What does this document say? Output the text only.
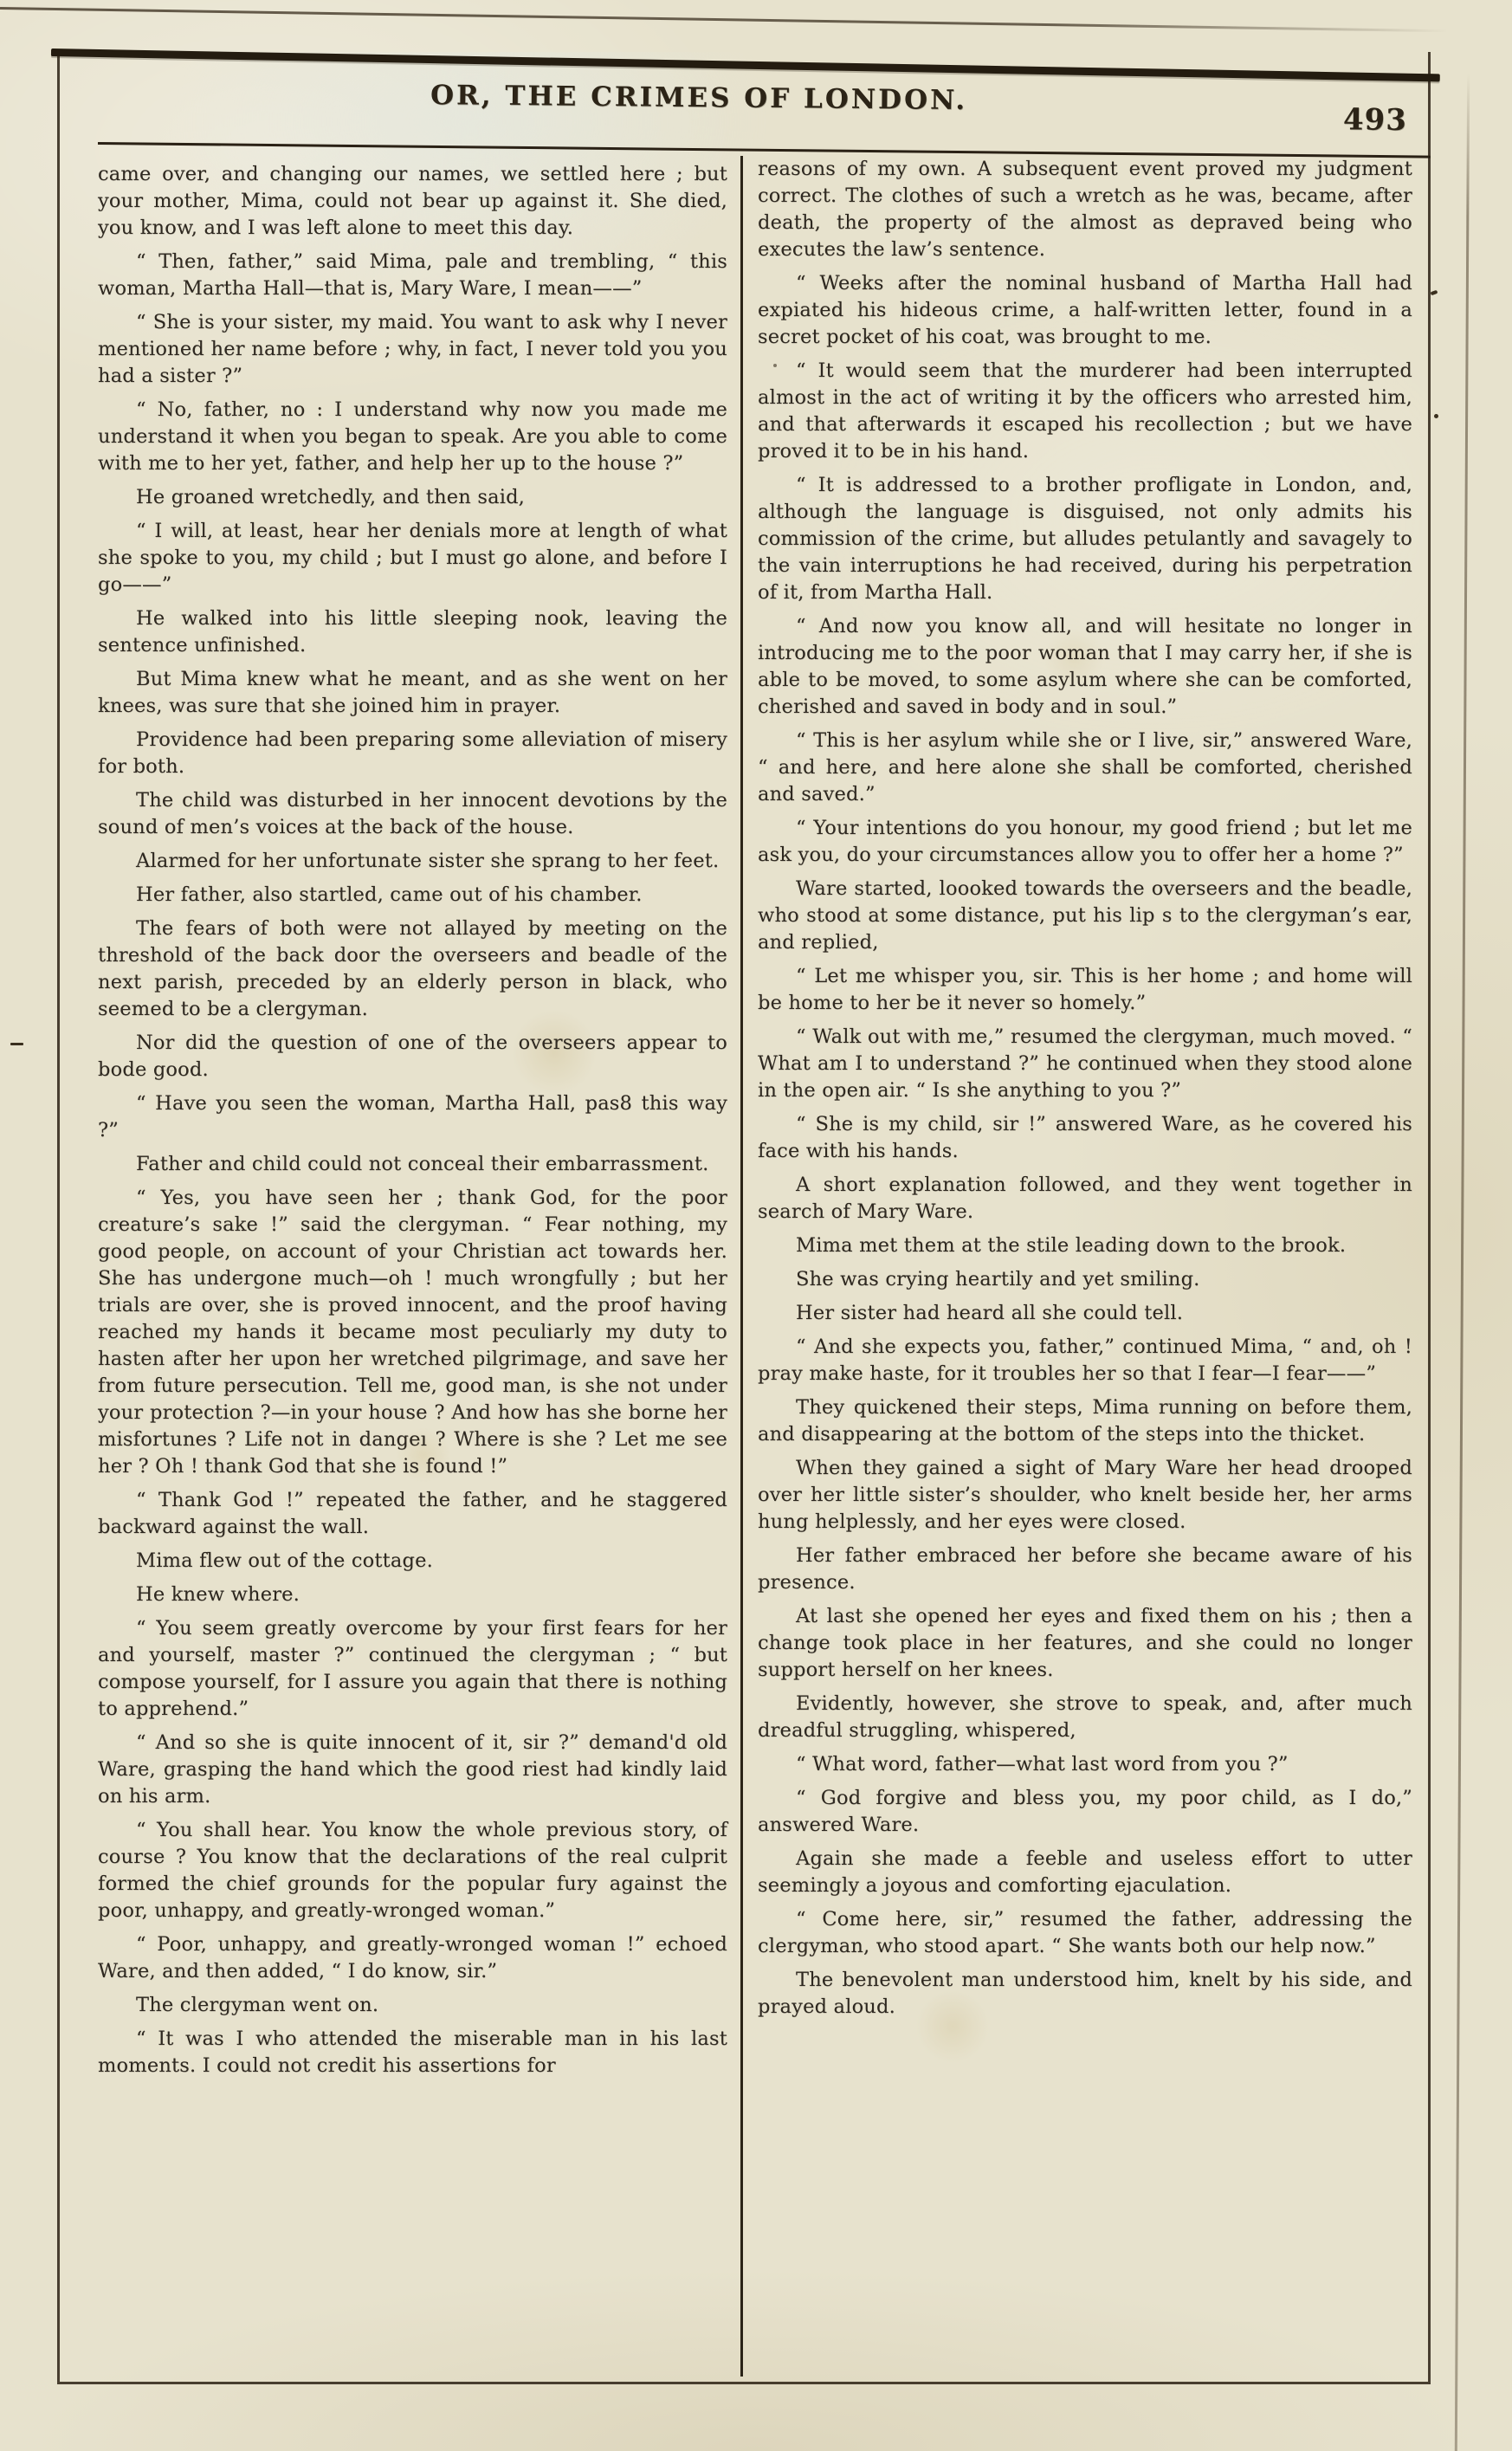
OR, THE CRIMES OF LONDON.
493

came over, and changing our names, we settled here ; but your mother, Mima, could not bear up against it. She died, you know, and I was left alone to meet this day.

“ Then, father,” said Mima, pale and trembling, “ this woman, Martha Hall—that is, Mary Ware, I mean——”

“ She is your sister, my maid. You want to ask why I never mentioned her name before ; why, in fact, I never told you you had a sister ?”

“ No, father, no : I understand why now you made me understand it when you began to speak. Are you able to come with me to her yet, father, and help her up to the house ?”

He groaned wretchedly, and then said,

“ I will, at least, hear her denials more at length of what she spoke to you, my child ; but I must go alone, and before I go——”

He walked into his little sleeping nook, leaving the sentence unfinished.

But Mima knew what he meant, and as she went on her knees, was sure that she joined him in prayer.

Providence had been preparing some alleviation of misery for both.

The child was disturbed in her innocent devotions by the sound of men’s voices at the back of the house.

Alarmed for her unfortunate sister she sprang to her feet.

Her father, also startled, came out of his chamber.

The fears of both were not allayed by meeting on the threshold of the back door the overseers and beadle of the next parish, preceded by an elderly person in black, who seemed to be a clergyman.

Nor did the question of one of the overseers appear to bode good.

“ Have you seen the woman, Martha Hall, pas8 this way ?”

Father and child could not conceal their embarrassment.

“ Yes, you have seen her ; thank God, for the poor creature’s sake !” said the clergyman. “ Fear nothing, my good people, on account of your Christian act towards her. She has undergone much—oh ! much wrongfully ; but her trials are over, she is proved innocent, and the proof having reached my hands it became most peculiarly my duty to hasten after her upon her wretched pilgrimage, and save her from future persecution. Tell me, good man, is she not under your protection ?—in your house ? And how has she borne her misfortunes ? Life not in dangeı ? Where is she ? Let me see her ? Oh ! thank God that she is found !”

“ Thank God !” repeated the father, and he staggered backward against the wall.

Mima flew out of the cottage.

He knew where.

“ You seem greatly overcome by your first fears for her and yourself, master ?” continued the clergyman ; “ but compose yourself, for I assure you again that there is nothing to apprehend.”

“ And so she is quite innocent of it, sir ?” demand'd old Ware, grasping the hand which the good riest had kindly laid on his arm.

“ You shall hear. You know the whole previous story, of course ? You know that the declarations of the real culprit formed the chief grounds for the popular fury against the poor, unhappy, and greatly-wronged woman.”

“ Poor, unhappy, and greatly-wronged woman !” echoed Ware, and then added, “ I do know, sir.”

The clergyman went on.

“ It was I who attended the miserable man in his last moments. I could not credit his assertions for

reasons of my own. A subsequent event proved my judgment correct. The clothes of such a wretch as he was, became, after death, the property of the almost as depraved being who executes the law’s sentence.

“ Weeks after the nominal husband of Martha Hall had expiated his hideous crime, a half-written letter, found in a secret pocket of his coat, was brought to me.

“ It would seem that the murderer had been interrupted almost in the act of writing it by the officers who arrested him, and that afterwards it escaped his recollection ; but we have proved it to be in his hand.

“ It is addressed to a brother profligate in London, and, although the language is disguised, not only admits his commission of the crime, but alludes petulantly and savagely to the vain interruptions he had received, during his perpetration of it, from Martha Hall.

“ And now you know all, and will hesitate no longer in introducing me to the poor woman that I may carry her, if she is able to be moved, to some asylum where she can be comforted, cherished and saved in body and in soul.”

“ This is her asylum while she or I live, sir,” answered Ware, “ and here, and here alone she shall be comforted, cherished and saved.”

“ Your intentions do you honour, my good friend ; but let me ask you, do your circumstances allow you to offer her a home ?”

Ware started, loooked towards the overseers and the beadle, who stood at some distance, put his lip s to the clergyman’s ear, and replied,

“ Let me whisper you, sir. This is her home ; and home will be home to her be it never so homely.”

“ Walk out with me,” resumed the clergyman, much moved. “ What am I to understand ?” he continued when they stood alone in the open air. “ Is she anything to you ?”

“ She is my child, sir !” answered Ware, as he covered his face with his hands.

A short explanation followed, and they went together in search of Mary Ware.

Mima met them at the stile leading down to the brook.

She was crying heartily and yet smiling.

Her sister had heard all she could tell.

“ And she expects you, father,” continued Mima, “ and, oh ! pray make haste, for it troubles her so that I fear—I fear——”

They quickened their steps, Mima running on before them, and disappearing at the bottom of the steps into the thicket.

When they gained a sight of Mary Ware her head drooped over her little sister’s shoulder, who knelt beside her, her arms hung helplessly, and her eyes were closed.

Her father embraced her before she became aware of his presence.

At last she opened her eyes and fixed them on his ; then a change took place in her features, and she could no longer support herself on her knees.

Evidently, however, she strove to speak, and, after much dreadful struggling, whispered,

“ What word, father—what last word from you ?”

“ God forgive and bless you, my poor child, as I do,” answered Ware.

Again she made a feeble and useless effort to utter seemingly a joyous and comforting ejaculation.

“ Come here, sir,” resumed the father, addressing the clergyman, who stood apart. “ She wants both our help now.”

The benevolent man understood him, knelt by his side, and prayed aloud.
